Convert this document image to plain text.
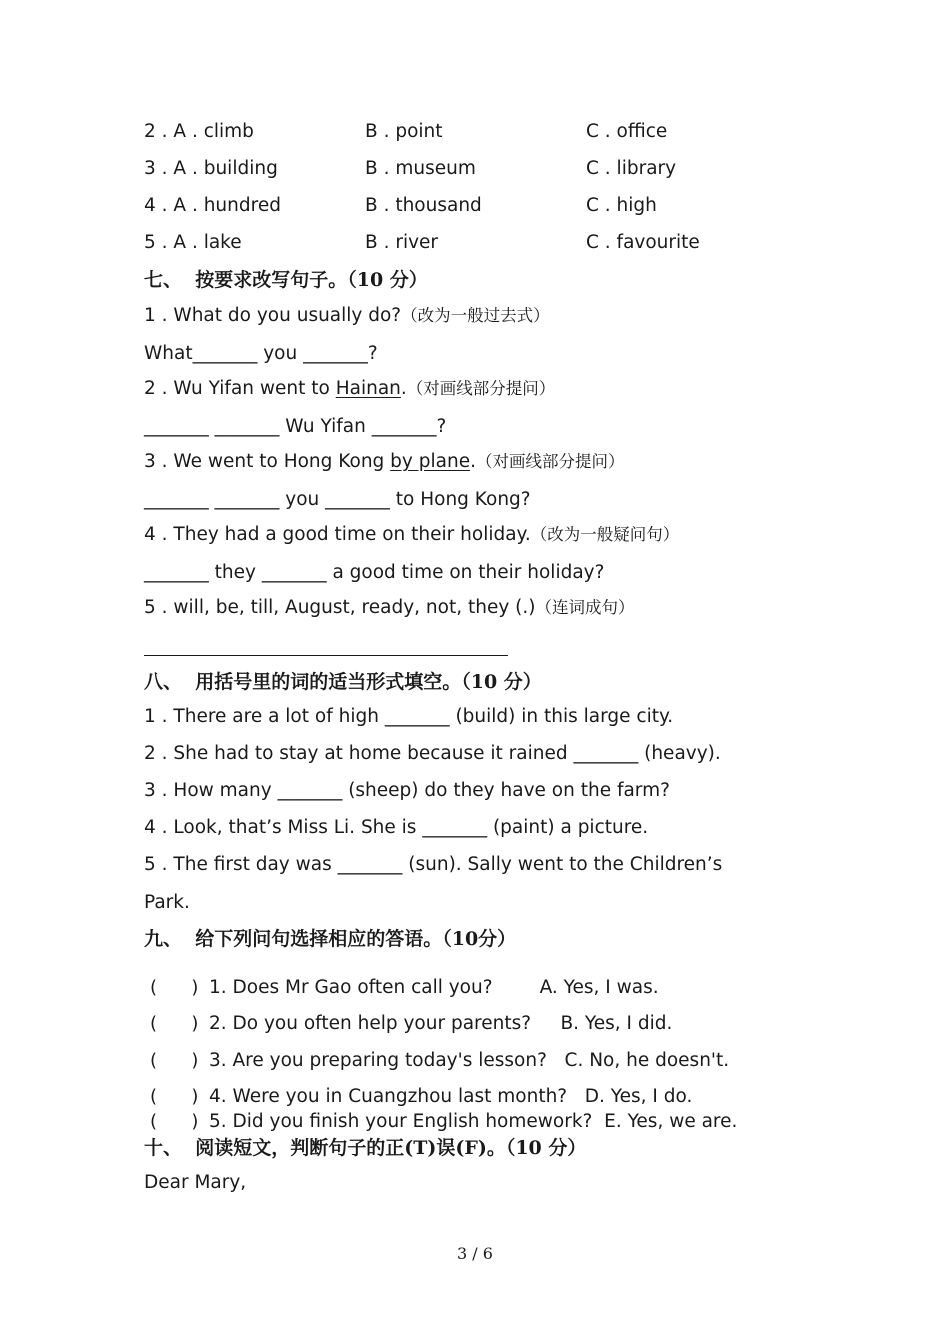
2 . A . climb	B . point	C . office
3 . A . building	B . museum	C . library
4 . A . hundred	B . thousand	C . high
5 . A . lake	B . river	C . favourite
七、  按要求改写句子。（10 分）
1 . What do you usually do?（改为一般过去式）
What_______ you _______?
2 . Wu Yifan went to Hainan.（对画线部分提问）
_______ _______ Wu Yifan _______?
3 . We went to Hong Kong by plane.（对画线部分提问）
_______ _______ you _______ to Hong Kong?
4 . They had a good time on their holiday.（改为一般疑问句）
_______ they _______ a good time on their holiday?
5 . will, be, till, August, ready, not, they (.)（连词成句）
八、  用括号里的词的适当形式填空。（10 分）
1 . There are a lot of high _______ (build) in this large city.
2 . She had to stay at home because it rained _______ (heavy).
3 . How many _______ (sheep) do they have on the farm?
4 . Look, that’s Miss Li. She is _______ (paint) a picture.
5 . The first day was _______ (sun). Sally went to the Children’s
Park.
九、  给下列问句选择相应的答语。（10分）
(      ) 1. Does Mr Gao often call you?        A. Yes, I was.
(      ) 2. Do you often help your parents?     B. Yes, I did.
(      ) 3. Are you preparing today's lesson?   C. No, he doesn't.
(      ) 4. Were you in Cuangzhou last month?   D. Yes, I do.
(      ) 5. Did you finish your English homework?  E. Yes, we are.
十、  阅读短文，判断句子的正(T)误(F)。（10 分）
Dear Mary,
3 / 6
